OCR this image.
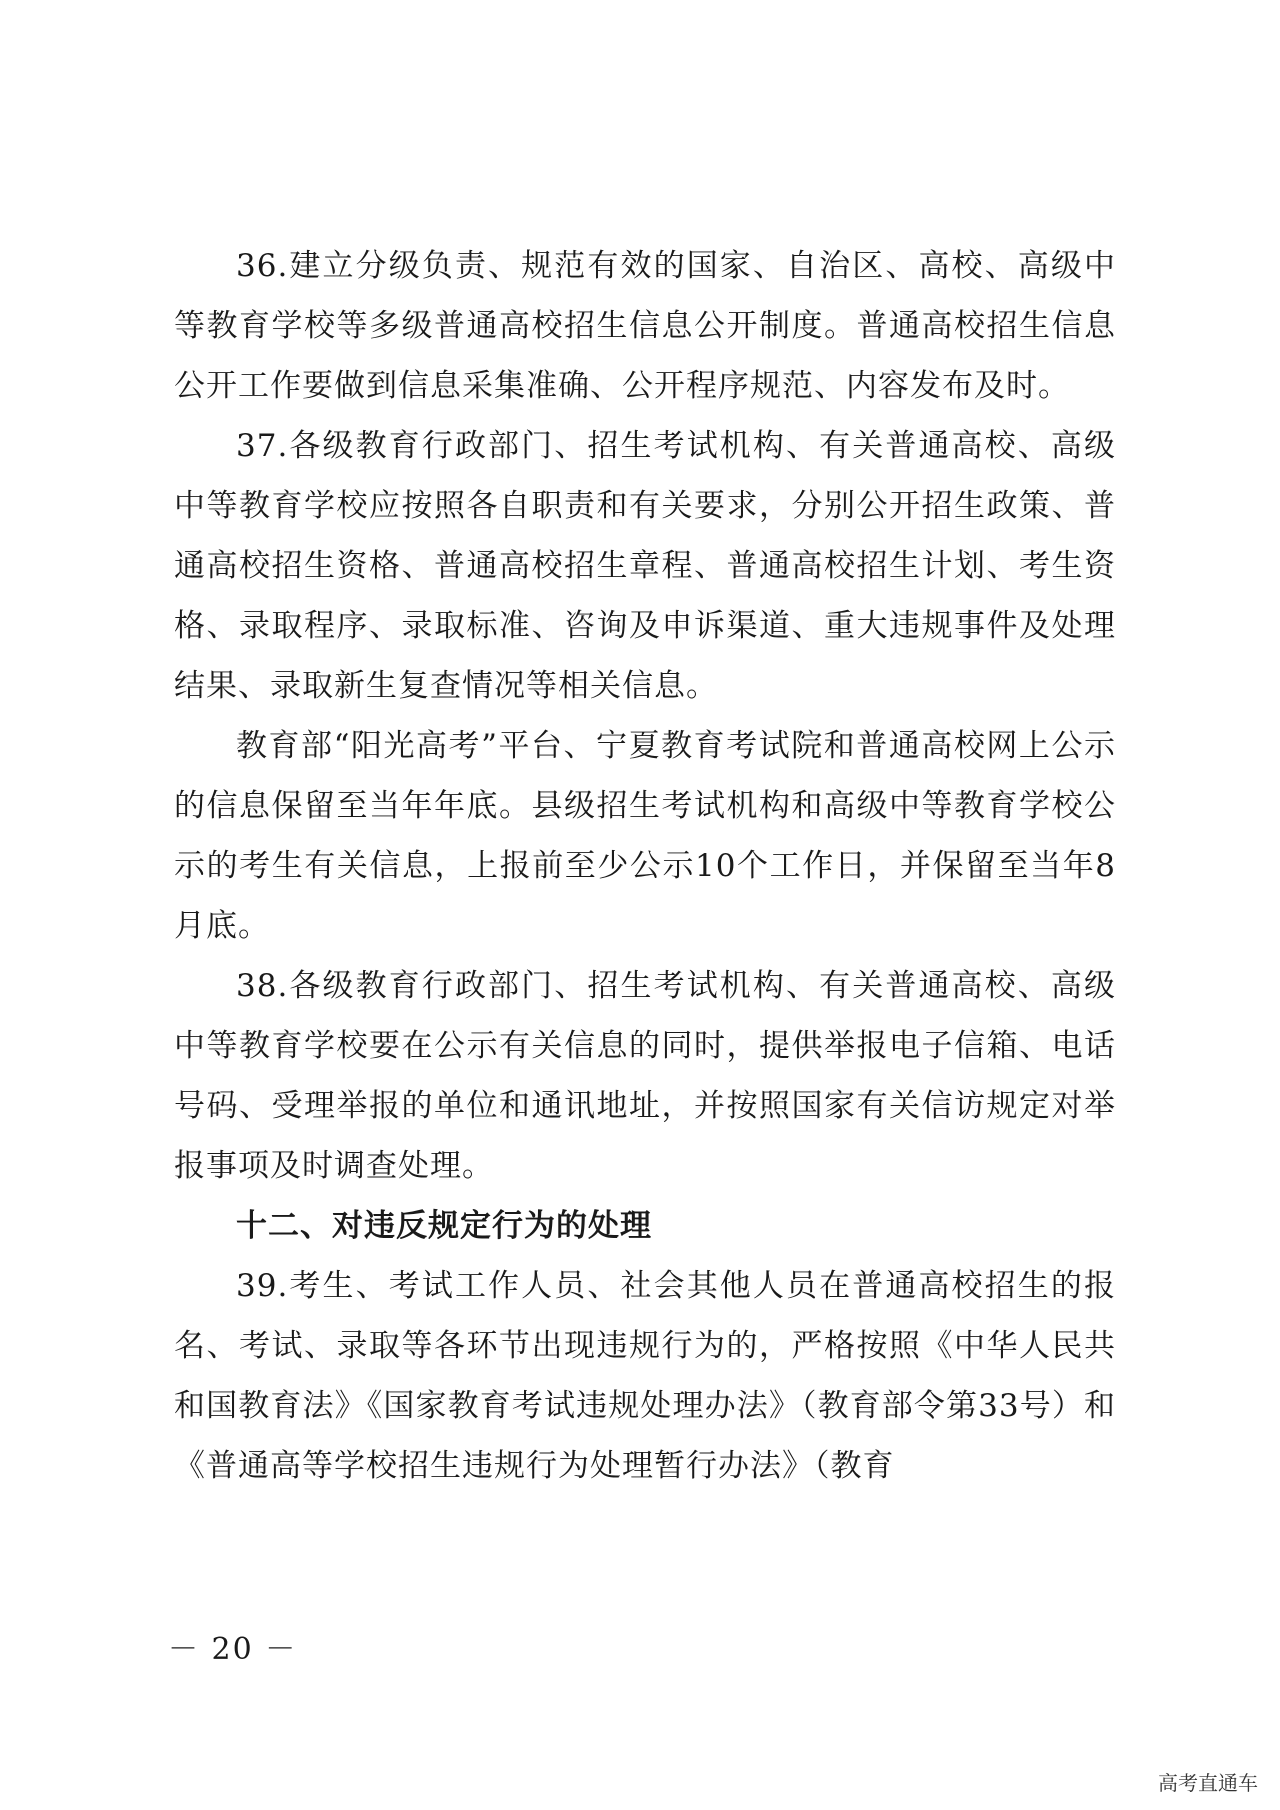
36.建立分级负责、规范有效的国家、自治区、高校、高级中等教育学校等多级普通高校招生信息公开制度。普通高校招生信息公开工作要做到信息采集准确、公开程序规范、内容发布及时。

37.各级教育行政部门、招生考试机构、有关普通高校、高级中等教育学校应按照各自职责和有关要求，分别公开招生政策、普通高校招生资格、普通高校招生章程、普通高校招生计划、考生资格、录取程序、录取标准、咨询及申诉渠道、重大违规事件及处理结果、录取新生复查情况等相关信息。

教育部“阳光高考”平台、宁夏教育考试院和普通高校网上公示的信息保留至当年年底。县级招生考试机构和高级中等教育学校公示的考生有关信息，上报前至少公示10个工作日，并保留至当年8月底。

38.各级教育行政部门、招生考试机构、有关普通高校、高级中等教育学校要在公示有关信息的同时，提供举报电子信箱、电话号码、受理举报的单位和通讯地址，并按照国家有关信访规定对举报事项及时调查处理。

十二、对违反规定行为的处理

39.考生、考试工作人员、社会其他人员在普通高校招生的报名、考试、录取等各环节出现违规行为的，严格按照《中华人民共和国教育法》《国家教育考试违规处理办法》（教育部令第33号）和《普通高等学校招生违规行为处理暂行办法》（教育

－ 20 －
高考直通车
